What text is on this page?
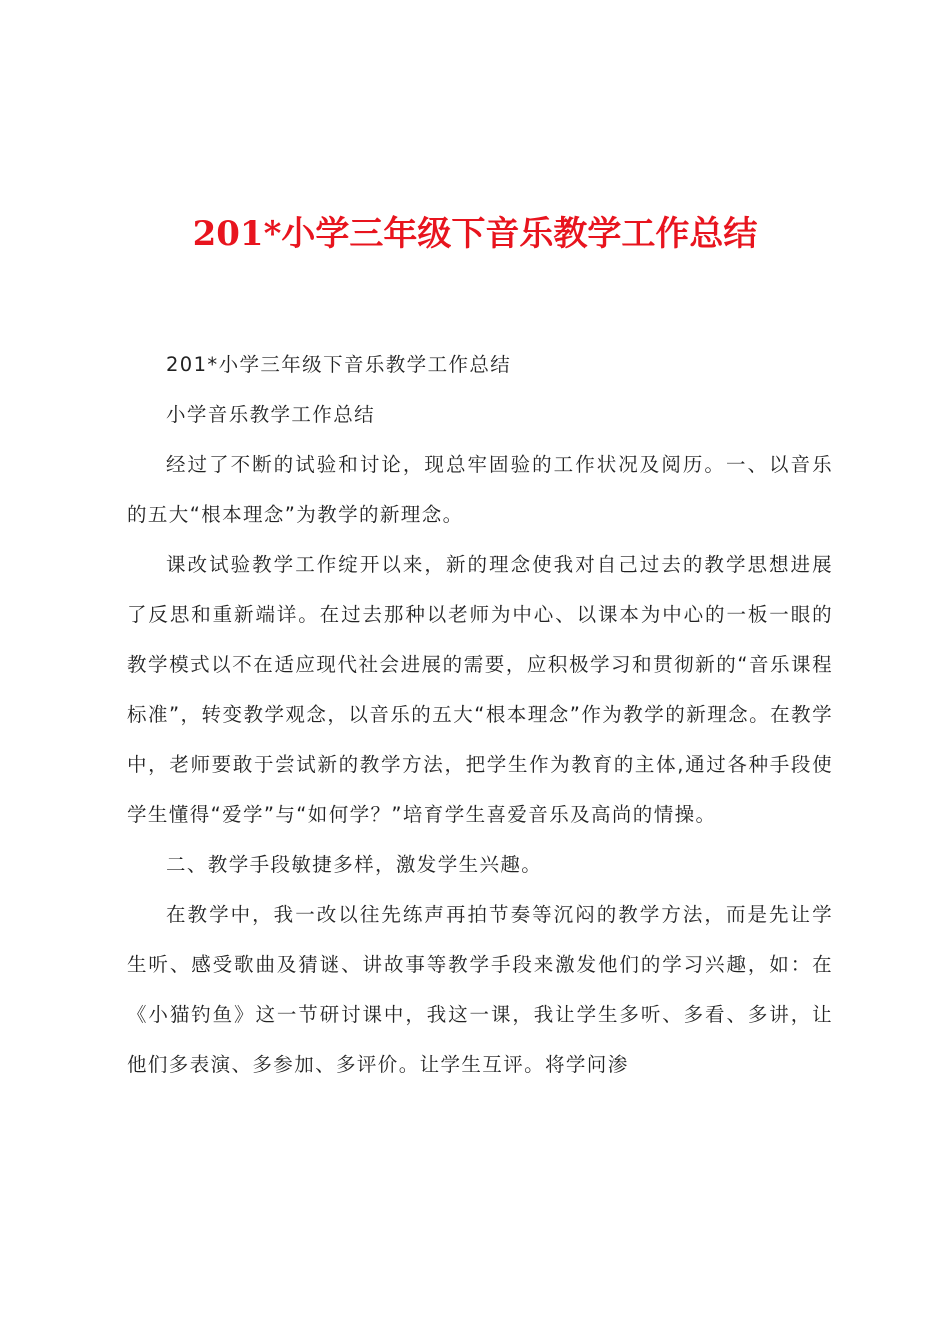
201*小学三年级下音乐教学工作总结

201*小学三年级下音乐教学工作总结

小学音乐教学工作总结

经过了不断的试验和讨论，现总牢固验的工作状况及阅历。一、以音乐的五大“根本理念”为教学的新理念。

课改试验教学工作绽开以来，新的理念使我对自己过去的教学思想进展了反思和重新端详。在过去那种以老师为中心、以课本为中心的一板一眼的教学模式以不在适应现代社会进展的需要，应积极学习和贯彻新的“音乐课程标准”，转变教学观念，以音乐的五大“根本理念”作为教学的新理念。在教学中，老师要敢于尝试新的教学方法，把学生作为教育的主体,通过各种手段使学生懂得“爱学”与“如何学？”培育学生喜爱音乐及高尚的情操。

二、教学手段敏捷多样，激发学生兴趣。

在教学中，我一改以往先练声再拍节奏等沉闷的教学方法，而是先让学生听、感受歌曲及猜谜、讲故事等教学手段来激发他们的学习兴趣，如：在《小猫钓鱼》这一节研讨课中，我这一课，我让学生多听、多看、多讲，让他们多表演、多参加、多评价。让学生互评。将学问渗
